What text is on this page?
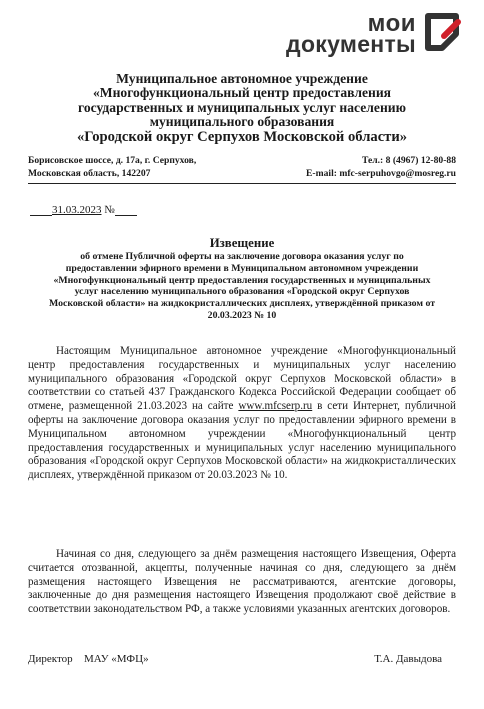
мои
документы
Муниципальное автономное учреждение
«Многофункциональный центр предоставления
государственных и муниципальных услуг населению
муниципального образования
«Городской округ Серпухов Московской области»
Борисовское шоссе, д. 17а, г. Серпухов,	Тел.: 8 (4967) 12-80-88
Московская область, 142207	E-mail: mfc-serpuhovgo@mosreg.ru
31.03.2023 №
Извещение
об отмене Публичной оферты на заключение договора оказания услуг по
предоставлении эфирного времени в Муниципальном автономном учреждении
«Многофункциональный центр предоставления государственных и муниципальных
услуг населению муниципального образования «Городской округ Серпухов
Московской области» на жидкокристаллических дисплеях, утверждённой приказом от
20.03.2023 № 10
Настоящим Муниципальное автономное учреждение «Многофункциональный центр предоставления государственных и муниципальных услуг населению муниципального образования «Городской округ Серпухов Московской области» в соответствии со статьей 437 Гражданского Кодекса Российской Федерации сообщает об отмене, размещенной 21.03.2023 на сайте www.mfcserp.ru в сети Интернет, публичной оферты на заключение договора оказания услуг по предоставлении эфирного времени в Муниципальном автономном учреждении «Многофункциональный центр предоставления государственных и муниципальных услуг населению муниципального образования «Городской округ Серпухов Московской области» на жидкокристаллических дисплеях, утверждённой приказом от 20.03.2023 № 10.
Начиная со дня, следующего за днём размещения настоящего Извещения, Оферта считается отозванной, акцепты, полученные начиная со дня, следующего за днём размещения настоящего Извещения не рассматриваются, агентские договоры, заключенные до дня размещения настоящего Извещения продолжают своё действие в соответствии законодательством РФ, а также условиями указанных агентских договоров.
Директор	МАУ «МФЦ»	Т.А. Давыдова
